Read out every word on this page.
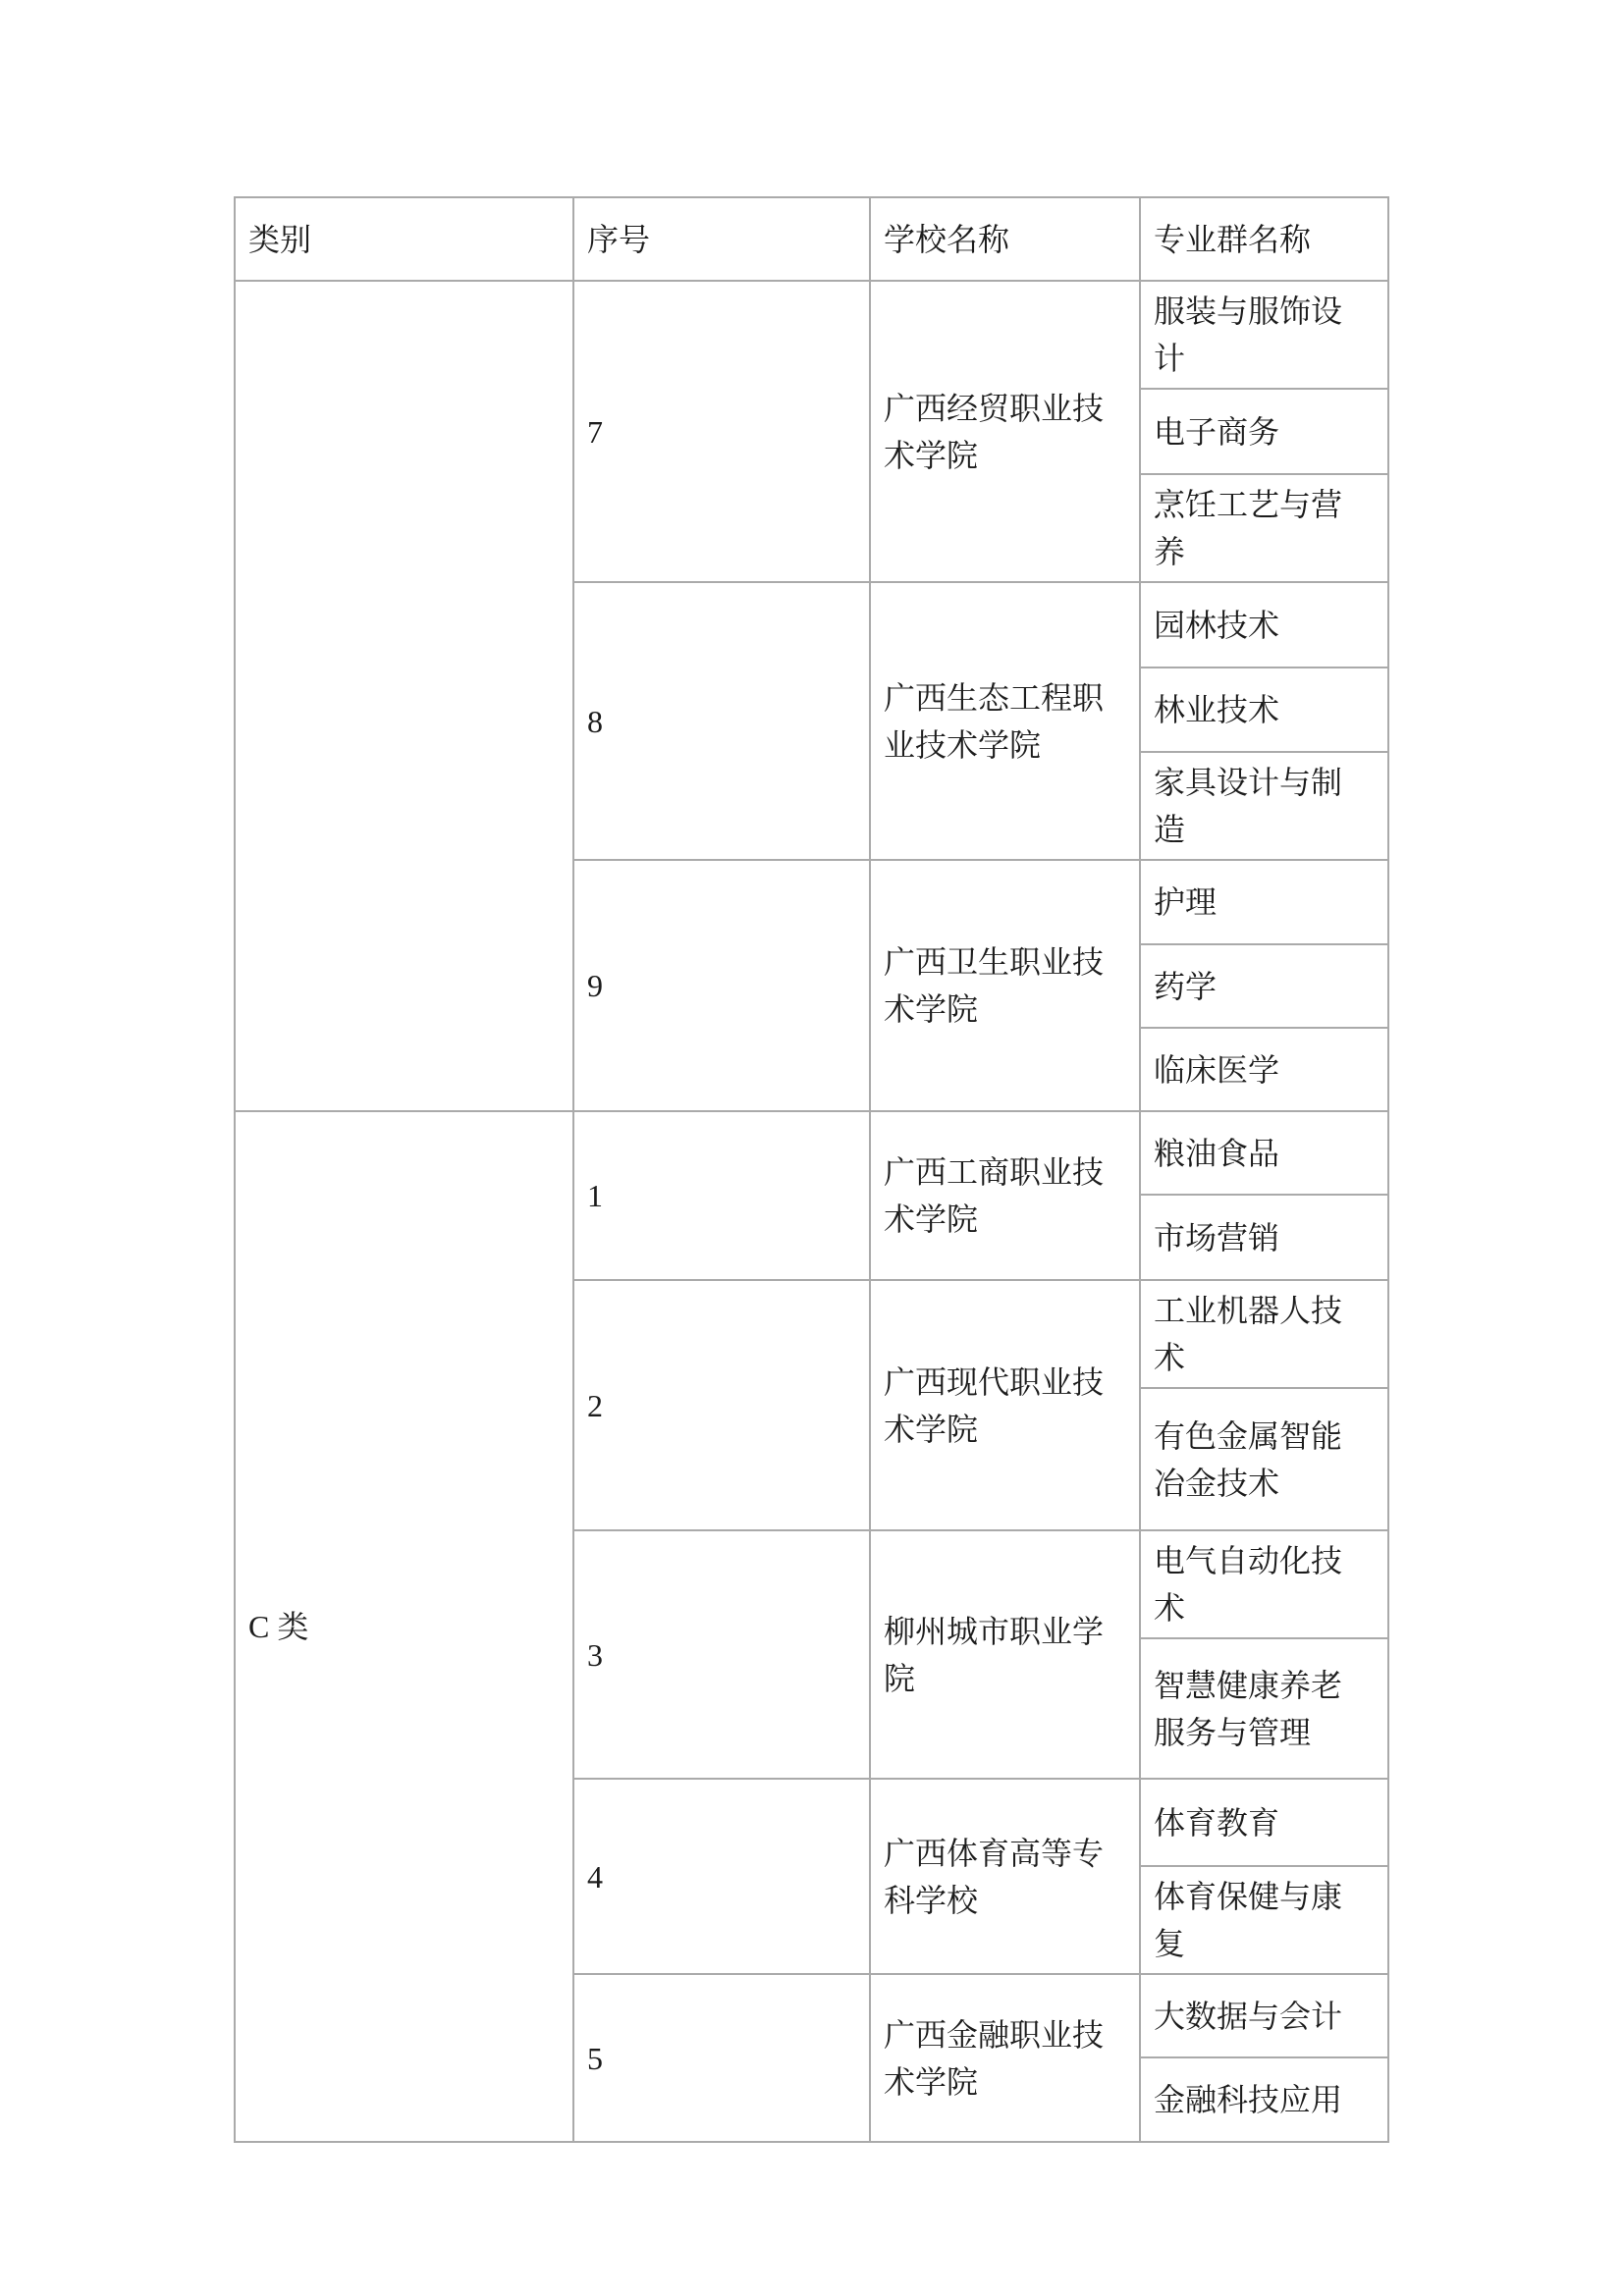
类别	序号	学校名称	专业群名称
	7	广西经贸职业技术学院	服装与服饰设计
			电子商务
			烹饪工艺与营养
	8	广西生态工程职业技术学院	园林技术
			林业技术
			家具设计与制造
	9	广西卫生职业技术学院	护理
			药学
			临床医学
C 类	1	广西工商职业技术学院	粮油食品
			市场营销
	2	广西现代职业技术学院	工业机器人技术
			有色金属智能冶金技术
	3	柳州城市职业学院	电气自动化技术
			智慧健康养老服务与管理
	4	广西体育高等专科学校	体育教育
			体育保健与康复
	5	广西金融职业技术学院	大数据与会计
			金融科技应用
